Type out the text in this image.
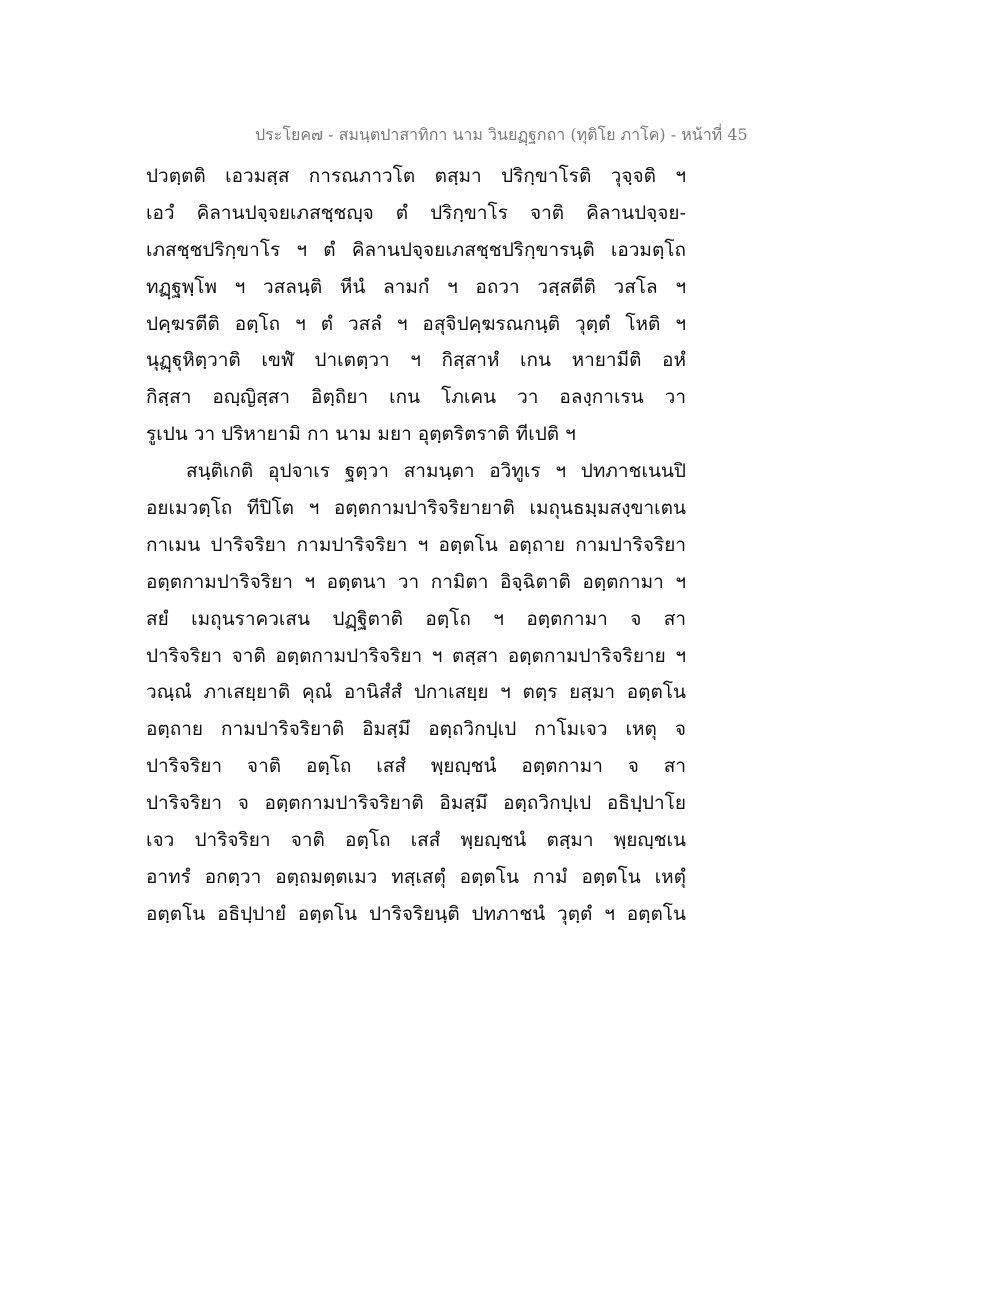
ประโยค๗ - สมนฺตปาสาทิกา นาม วินยฏฺฐกถา (ทุติโย ภาโค) - หน้าที่ 45
ปวตฺตติ เอวมสฺส การณภาวโต ตสฺมา ปริกฺขาโรติ วุจฺจติ ฯ
เอวํ คิลานปจฺจยเภสชฺชญฺจ ตํ ปริกฺขาโร จาติ คิลานปจฺจย-
เภสชฺชปริกฺขาโร ฯ ตํ คิลานปจฺจยเภสชฺชปริกฺขารนฺติ เอวมตฺโถ
ทฏฺฐพฺโพ ฯ วสลนฺติ หีนํ ลามกํ ฯ อถวา วสฺสตีติ วสโล ฯ
ปคฺฆรตีติ อตฺโถ ฯ ตํ วสลํ ฯ อสุจิปคฺฆรณกนฺติ วุตฺตํ โหติ ฯ
นุฏฺฐุหิตฺวาติ เขฬํ ปาเตตฺวา ฯ กิสฺสาหํ เกน หายามีติ อหํ
กิสฺสา อญฺญิสฺสา อิตฺถิยา เกน โภเคน วา อลงฺกาเรน วา
รูเปน วา ปริหายามิ กา นาม มยา อุตฺตริตราติ ทีเปติ ฯ
สนฺติเกติ อุปจาเร ฐตฺวา สามนฺตา อวิทูเร ฯ ปทภาชเนนปิ
อยเมวตฺโถ ทีปิโต ฯ อตฺตกามปาริจริยายาติ เมถุนธมฺมสงฺขาเตน
กาเมน ปาริจริยา กามปาริจริยา ฯ อตฺตโน อตฺถาย กามปาริจริยา
อตฺตกามปาริจริยา ฯ อตฺตนา วา กามิตา อิจฺฉิตาติ อตฺตกามา ฯ
สยํ เมถุนราควเสน ปฏฺฐิตาติ อตฺโถ ฯ อตฺตกามา จ สา
ปาริจริยา จาติ อตฺตกามปาริจริยา ฯ ตสฺสา อตฺตกามปาริจริยาย ฯ
วณฺณํ ภาเสยฺยาติ คุณํ อานิสํสํ ปกาเสยฺย ฯ ตตฺร ยสฺมา อตฺตโน
อตฺถาย กามปาริจริยาติ อิมสฺมึ อตฺถวิกปฺเป กาโมเจว เหตุ จ
ปาริจริยา จาติ อตฺโถ เสสํ พฺยญฺชนํ อตฺตกามา จ สา
ปาริจริยา จ อตฺตกามปาริจริยาติ อิมสฺมึ อตฺถวิกปฺเป อธิปฺปาโย
เจว ปาริจริยา จาติ อตฺโถ เสสํ พฺยญฺชนํ ตสฺมา พฺยญฺชเน
อาทรํ อกตฺวา อตฺถมตฺตเมว ทสฺเสตุํ อตฺตโน กามํ อตฺตโน เหตุํ
อตฺตโน อธิปฺปายํ อตฺตโน ปาริจริยนฺติ ปทภาชนํ วุตฺตํ ฯ อตฺตโน
